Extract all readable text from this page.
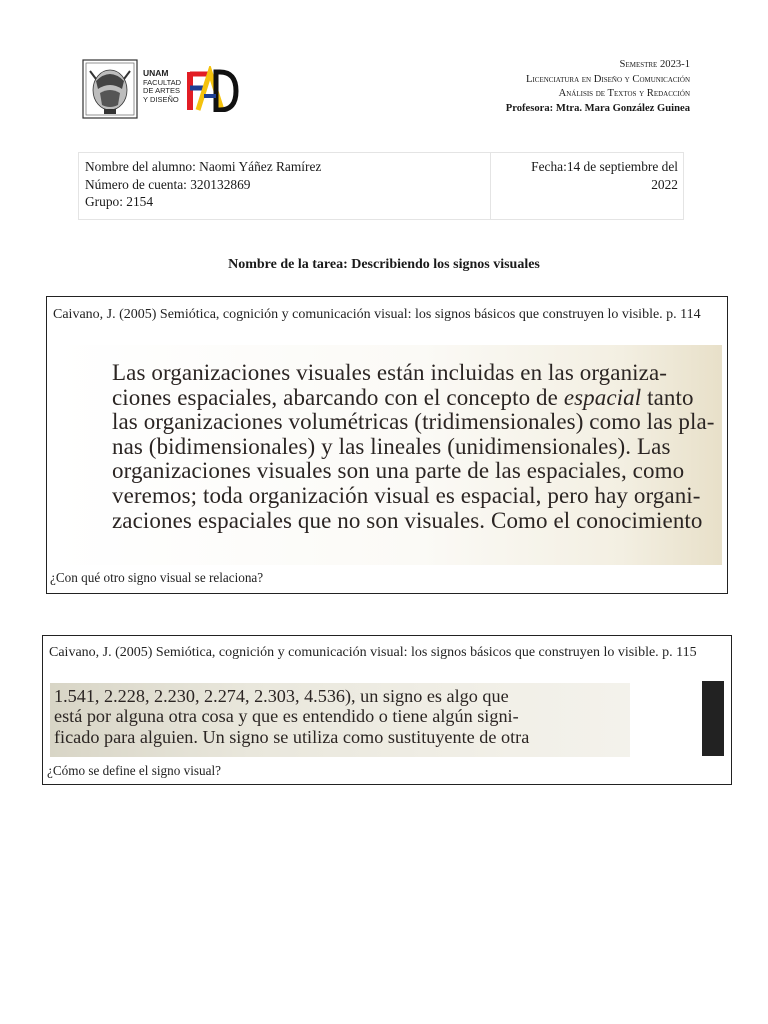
UNAM
FACULTAD
DE ARTES
Y DISEÑO
Semestre 2023-1
Licenciatura en Diseño y Comunicación
Análisis de Textos y Redacción
Profesora: Mtra. Mara González Guinea
Nombre del alumno: Naomi Yáñez Ramírez
Número de cuenta: 320132869
Grupo: 2154
Fecha:14 de septiembre del
2022
Nombre de la tarea: Describiendo los signos visuales
Caivano, J. (2005) Semiótica, cognición y comunicación visual: los signos básicos que construyen lo visible. p. 114
¿Con qué otro signo visual se relaciona?
Las organizaciones visuales están incluidas en las organiza-
ciones espaciales, abarcando con el concepto de espacial tanto
las organizaciones volumétricas (tridimensionales) como las pla-
nas (bidimensionales) y las lineales (unidimensionales). Las
organizaciones visuales son una parte de las espaciales, como
veremos; toda organización visual es espacial, pero hay organi-
zaciones espaciales que no son visuales. Como el conocimiento
Caivano, J. (2005) Semiótica, cognición y comunicación visual: los signos básicos que construyen lo visible. p. 115
¿Cómo se define el signo visual?
1.541, 2.228, 2.230, 2.274, 2.303, 4.536), un signo es algo que
está por alguna otra cosa y que es entendido o tiene algún signi-
ficado para alguien. Un signo se utiliza como sustituyente de otra
